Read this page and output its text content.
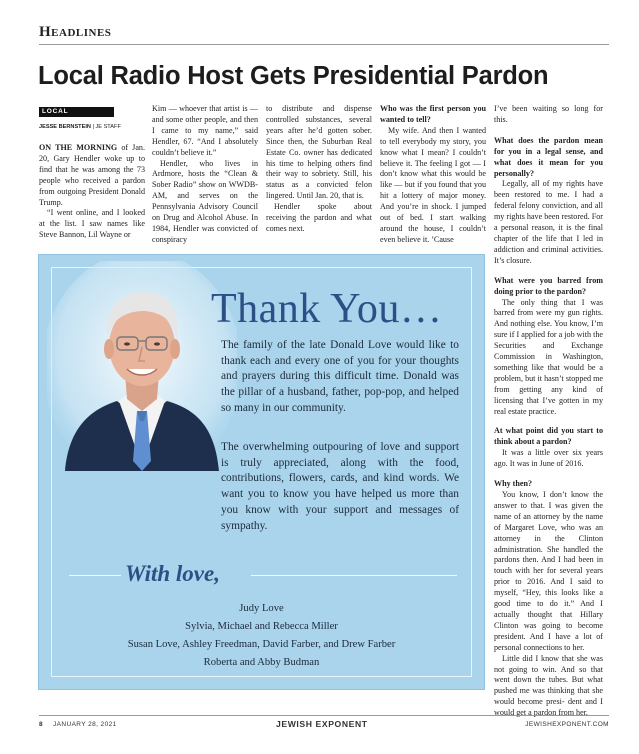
Headlines
Local Radio Host Gets Presidential Pardon
LOCAL
JESSE BERNSTEIN | JE STAFF

ON THE MORNING of Jan. 20, Gary Hendler woke up to find that he was among the 73 people who received a pardon from outgoing President Donald Trump.

“I went online, and I looked at the list. I saw names like Steve Bannon, Lil Wayne or

Kim — whoever that artist is — and some other people, and then I came to my name,” said Hendler, 67. “And I absolutely couldn’t believe it.”

Hendler, who lives in Ardmore, hosts the “Clean & Sober Radio” show on WWDB-AM, and serves on the Pennsylvania Advisory Council on Drug and Alcohol Abuse. In 1984, Hendler was convicted of conspiracy

to distribute and dispense controlled substances, several years after he’d gotten sober. Since then, the Suburban Real Estate Co. owner has dedicated his time to helping others find their way to sobriety. Still, his status as a convicted felon lingered. Until Jan. 20, that is.

Hendler spoke about receiving the pardon and what comes next.

Who was the first person you wanted to tell?

My wife. And then I wanted to tell everybody my story, you know what I mean? I couldn’t believe it. The feeling I got — I don’t know what this would be like — but if you found that you hit a lottery of major money. And you’re in shock. I jumped out of bed. I start walking around the house, I couldn’t even believe it. ’Cause

I’ve been waiting so long for this.

What does the pardon mean for you in a legal sense, and what does it mean for you personally?

Legally, all of my rights have been restored to me. I had a federal felony conviction, and all my rights have been restored. For a personal reason, it is the final chapter of the life that I led in addiction and criminal activities. It’s closure.

What were you barred from doing prior to the pardon?

The only thing that I was barred from were my gun rights. And nothing else. You know, I’m sure if I applied for a job with the Securities and Exchange Commission in Washington, something like that would be a problem, but it hasn’t stopped me from getting any kind of licensing that I’ve gotten in my real estate practice.

At what point did you start to think about a pardon?

It was a little over six years ago. It was in June of 2016.

Why then?

You know, I don’t know the answer to that. I was given the name of an attorney by the name of Margaret Love, who was an attorney in the Clinton administration. She handled the pardons then. And I had been in touch with her for several years prior to 2016. And I said to myself, “Hey, this looks like a good time to do it.” And I actually thought that Hillary Clinton was going to become president. And I have a lot of personal connections to her.

Little did I know that she was not going to win. And so that went down the tubes. But what pushed me was thinking that she would become presi- dent and I would get a pardon from her.

Thank You…

The family of the late Donald Love would like to thank each and every one of you for your thoughts and prayers during this difficult time. Donald was the pillar of a husband, father, pop-pop, and helped so many in our community.

The overwhelming outpouring of love and support is truly appreciated, along with the food, contributions, flowers, cards, and kind words. We want you to know you have helped us more than you know with your support and messages of sympathy.

With love,
Judy Love
Sylvia, Michael and Rebecca Miller
Susan Love, Ashley Freedman, David Farber, and Drew Farber
Roberta and Abby Budman
8 JANUARY 28, 2021	JEWISH EXPONENT	JEWISHEXPONENT.COM
